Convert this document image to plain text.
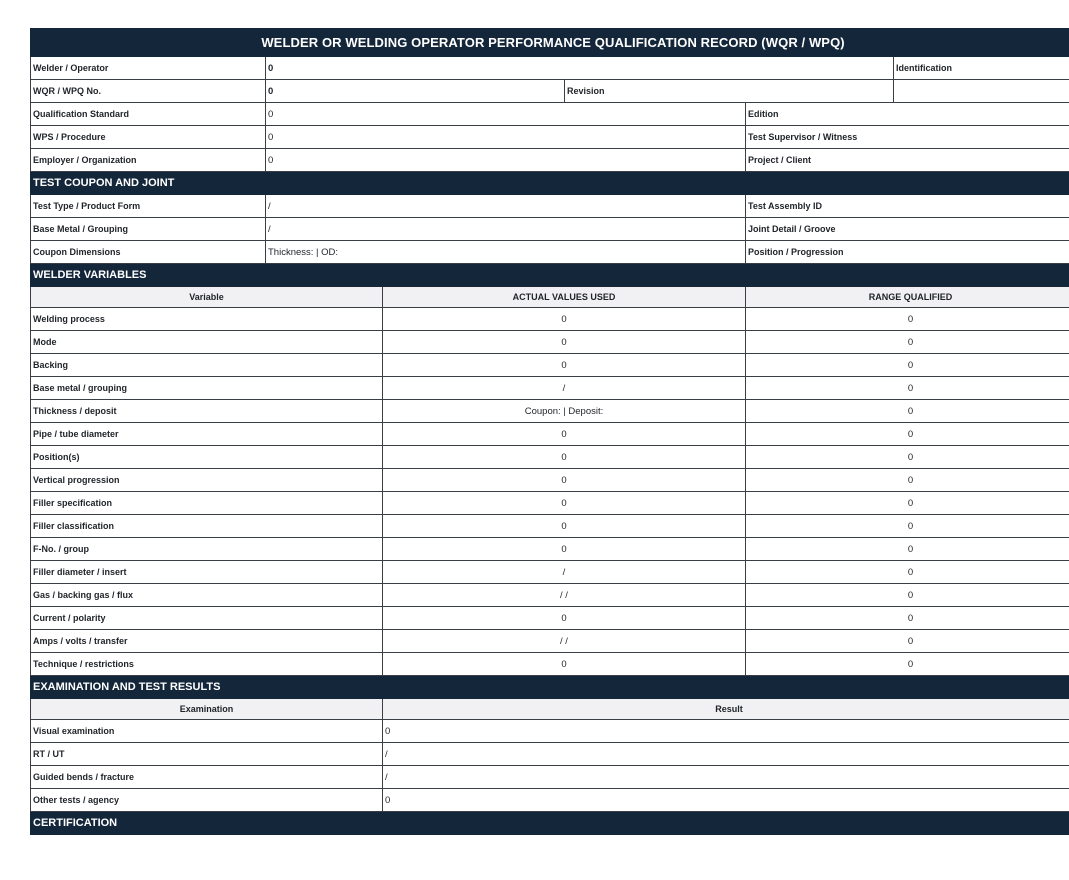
WELDER OR WELDING OPERATOR PERFORMANCE QUALIFICATION RECORD (WQR / WPQ)					
Welder / Operator	0				Identification
WQR / WPQ No.	0		Revision		
Qualification Standard	0			Edition	
WPS / Procedure	0			Test Supervisor / Witness	
Employer / Organization	0			Project / Client	
TEST COUPON AND JOINT					
Test Type / Product Form	/			Test Assembly ID	
Base Metal / Grouping	/			Joint Detail / Groove	
Coupon Dimensions	Thickness: | OD:			Position / Progression	
WELDER VARIABLES					
Variable		ACTUAL VALUES USED		RANGE QUALIFIED	
Welding process		0		0	
Mode		0		0	
Backing		0		0	
Base metal / grouping		/		0	
Thickness / deposit		Coupon: | Deposit:		0	
Pipe / tube diameter		0		0	
Position(s)		0		0	
Vertical progression		0		0	
Filler specification		0		0	
Filler classification		0		0	
F-No. / group		0		0	
Filler diameter / insert		/		0	
Gas / backing gas / flux		/ /		0	
Current / polarity		0		0	
Amps / volts / transfer		/ /		0	
Technique / restrictions		0		0	
EXAMINATION AND TEST RESULTS					
Examination		Result			
Visual examination		0			
RT / UT		/			
Guided bends / fracture		/			
Other tests / agency		0			
CERTIFICATION					
